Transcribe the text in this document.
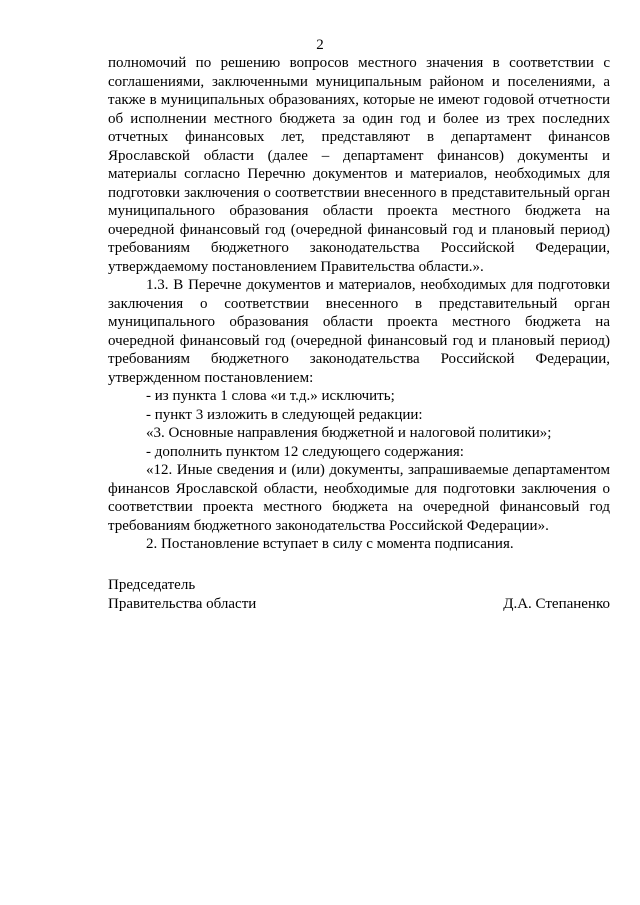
2

полномочий по решению вопросов местного значения в соответствии с соглашениями, заключенными муниципальным районом и поселениями, а также в муниципальных образованиях, которые не имеют годовой отчетности об исполнении местного бюджета за один год и более из трех последних отчетных финансовых лет, представляют в департамент финансов Ярославской области (далее – департамент финансов) документы и материалы согласно Перечню документов и материалов, необходимых для подготовки заключения о соответствии внесенного в представительный орган муниципального образования области проекта местного бюджета на очередной финансовый год (очередной финансовый год и плановый период) требованиям бюджетного законодательства Российской Федерации, утверждаемому постановлением Правительства области.».

1.3. В Перечне документов и материалов, необходимых для подготовки заключения о соответствии внесенного в представительный орган муниципального образования области проекта местного бюджета на очередной финансовый год (очередной финансовый год и плановый период) требованиям бюджетного законодательства Российской Федерации, утвержденном постановлением:

- из пункта 1 слова «и т.д.» исключить;

- пункт 3 изложить в следующей редакции:

«3. Основные направления бюджетной и налоговой политики»;

- дополнить пунктом 12 следующего содержания:

«12. Иные сведения и (или) документы, запрашиваемые департаментом финансов Ярославской области, необходимые для подготовки заключения о соответствии проекта местного бюджета на очередной финансовый год требованиям бюджетного законодательства Российской Федерации».

2. Постановление вступает в силу с момента подписания.

Председатель
Правительства области	Д.А. Степаненко
